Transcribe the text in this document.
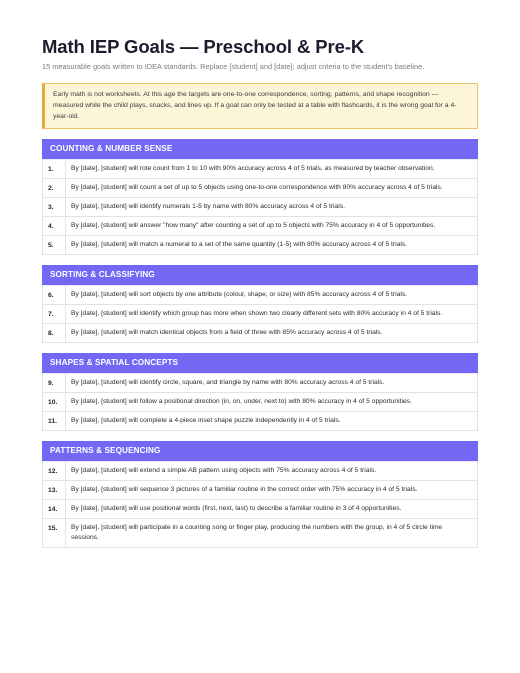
Math IEP Goals — Preschool & Pre-K

15 measurable goals written to IDEA standards. Replace [student] and [date]; adjust criteria to the student's baseline.

Early math is not worksheets. At this age the targets are one-to-one correspondence, sorting, patterns, and shape recognition — measured while the child plays, snacks, and lines up. If a goal can only be tested at a table with flashcards, it is the wrong goal for a 4-year-old.
COUNTING & NUMBER SENSE
1.	By [date], [student] will rote count from 1 to 10 with 90% accuracy across 4 of 5 trials, as measured by teacher observation.
2.	By [date], [student] will count a set of up to 5 objects using one-to-one correspondence with 80% accuracy across 4 of 5 trials.
3.	By [date], [student] will identify numerals 1-5 by name with 80% accuracy across 4 of 5 trials.
4.	By [date], [student] will answer "how many" after counting a set of up to 5 objects with 75% accuracy in 4 of 5 opportunities.
5.	By [date], [student] will match a numeral to a set of the same quantity (1-5) with 80% accuracy across 4 of 5 trials.
SORTING & CLASSIFYING
6.	By [date], [student] will sort objects by one attribute (colour, shape, or size) with 85% accuracy across 4 of 5 trials.
7.	By [date], [student] will identify which group has more when shown two clearly different sets with 80% accuracy in 4 of 5 trials.
8.	By [date], [student] will match identical objects from a field of three with 85% accuracy across 4 of 5 trials.
SHAPES & SPATIAL CONCEPTS
9.	By [date], [student] will identify circle, square, and triangle by name with 80% accuracy across 4 of 5 trials.
10.	By [date], [student] will follow a positional direction (in, on, under, next to) with 80% accuracy in 4 of 5 opportunities.
11.	By [date], [student] will complete a 4-piece inset shape puzzle independently in 4 of 5 trials.
PATTERNS & SEQUENCING
12.	By [date], [student] will extend a simple AB pattern using objects with 75% accuracy across 4 of 5 trials.
13.	By [date], [student] will sequence 3 pictures of a familiar routine in the correct order with 75% accuracy in 4 of 5 trials.
14.	By [date], [student] will use positional words (first, next, last) to describe a familiar routine in 3 of 4 opportunities.
15.	By [date], [student] will participate in a counting song or finger play, producing the numbers with the group, in 4 of 5 circle time sessions.
